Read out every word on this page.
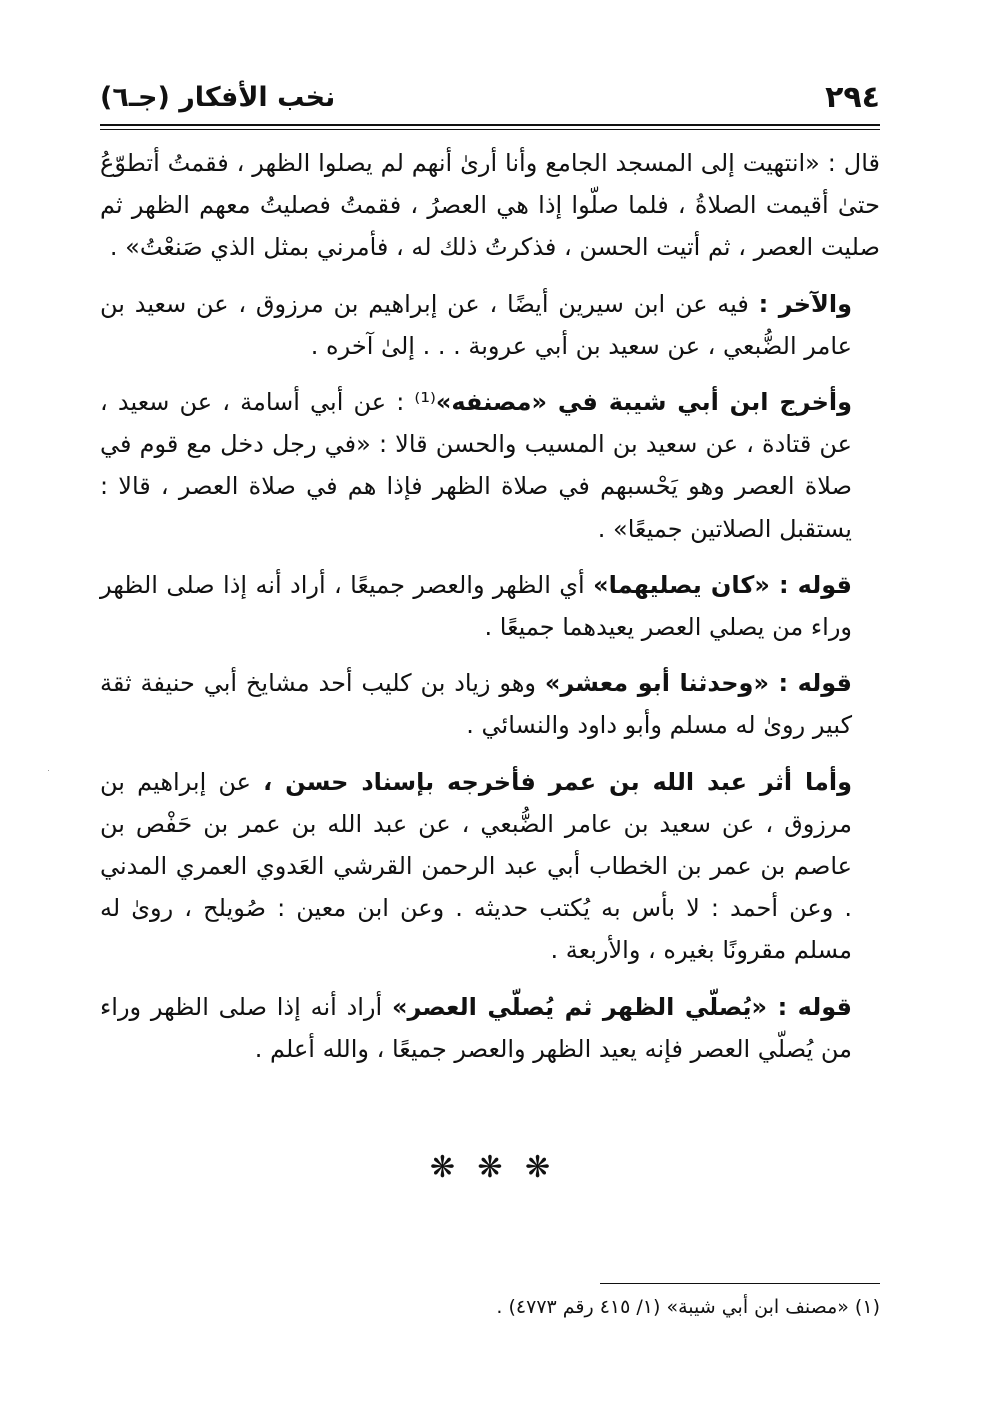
٢٩٤
نخب الأفكار (جـ٦)

قال : «انتهيت إلى المسجد الجامع وأنا أرىٰ أنهم لم يصلوا الظهر ، فقمتُ أتطوّعُ حتىٰ أقيمت الصلاةُ ، فلما صلّوا إذا هي العصرُ ، فقمتُ فصليتُ معهم الظهر ثم صليت العصر ، ثم أتيت الحسن ، فذكرتُ ذلك له ، فأمرني بمثل الذي صَنعْتُ» .

والآخر : فيه عن ابن سيرين أيضًا ، عن إبراهيم بن مرزوق ، عن سعيد بن عامر الضُّبعي ، عن سعيد بن أبي عروبة . . . إلىٰ آخره .

وأخرج ابن أبي شيبة في «مصنفه»⁽¹⁾ : عن أبي أسامة ، عن سعيد ، عن قتادة ، عن سعيد بن المسيب والحسن قالا : «في رجل دخل مع قوم في صلاة العصر وهو يَحْسبهم في صلاة الظهر فإذا هم في صلاة العصر ، قالا : يستقبل الصلاتين جميعًا» .

قوله : «كان يصليهما» أي الظهر والعصر جميعًا ، أراد أنه إذا صلى الظهر وراء من يصلي العصر يعيدهما جميعًا .

قوله : «وحدثنا أبو معشر» وهو زياد بن كليب أحد مشايخ أبي حنيفة ثقة كبير روىٰ له مسلم وأبو داود والنسائي .

وأما أثر عبد الله بن عمر فأخرجه بإسناد حسن ، عن إبراهيم بن مرزوق ، عن سعيد بن عامر الضُّبعي ، عن عبد الله بن عمر بن حَفْص بن عاصم بن عمر بن الخطاب أبي عبد الرحمن القرشي العَدوي العمري المدني . وعن أحمد : لا بأس به يُكتب حديثه . وعن ابن معين : صُويلح ، روىٰ له مسلم مقرونًا بغيره ، والأربعة .

قوله : «يُصلّي الظهر ثم يُصلّي العصر» أراد أنه إذا صلى الظهر وراء من يُصلّي العصر فإنه يعيد الظهر والعصر جميعًا ، والله أعلم .

❋ ❋ ❋
(١) «مصنف ابن أبي شيبة» (١/ ٤١٥ رقم ٤٧٧٣) .
